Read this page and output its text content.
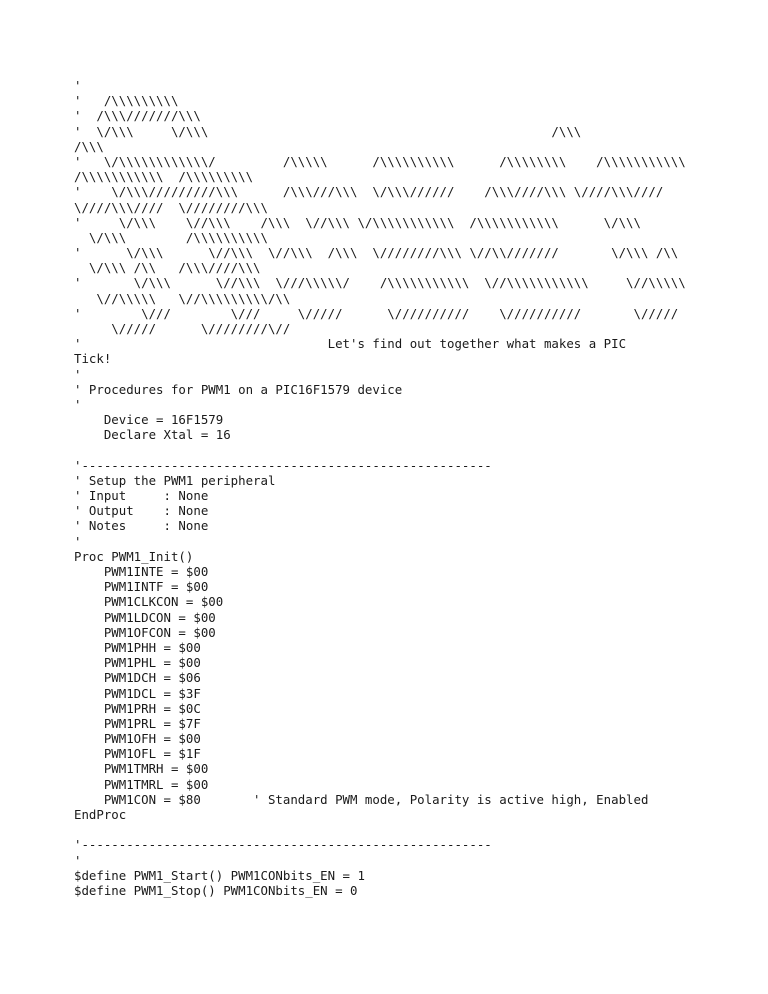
'
'   /\\\\\\\\\
'  /\\\///////\\\
'  \/\\\     \/\\\                                              /\\\
/\\\
'   \/\\\\\\\\\\\\/         /\\\\\      /\\\\\\\\\\      /\\\\\\\\    /\\\\\\\\\\\
/\\\\\\\\\\\  /\\\\\\\\\
'    \/\\\/////////\\\      /\\\///\\\  \/\\\//////    /\\\////\\\ \////\\\////
\////\\\////  \////////\\\
'     \/\\\    \//\\\    /\\\  \//\\\ \/\\\\\\\\\\\  /\\\\\\\\\\\      \/\\\
\/\\\        /\\\\\\\\\\
'      \/\\\      \//\\\  \//\\\  /\\\  \////////\\\ \//\\///////       \/\\\ /\\
\/\\\ /\\   /\\\////\\\
'       \/\\\      \//\\\  \///\\\\\/    /\\\\\\\\\\\  \//\\\\\\\\\\\     \//\\\\\
\//\\\\\   \//\\\\\\\\\/\\
'        \///        \///     \/////      \//////////    \//////////       \/////
\/////      \////////\//
'                                 Let's find out together what makes a PIC
Tick!
'
' Procedures for PWM1 on a PIC16F1579 device
'
Device = 16F1579
Declare Xtal = 16
'-------------------------------------------------------
' Setup the PWM1 peripheral
' Input     : None
' Output    : None
' Notes     : None
'
Proc PWM1_Init()
PWM1INTE = $00
PWM1INTF = $00
PWM1CLKCON = $00
PWM1LDCON = $00
PWM1OFCON = $00
PWM1PHH = $00
PWM1PHL = $00
PWM1DCH = $06
PWM1DCL = $3F
PWM1PRH = $0C
PWM1PRL = $7F
PWM1OFH = $00
PWM1OFL = $1F
PWM1TMRH = $00
PWM1TMRL = $00
PWM1CON = $80       ' Standard PWM mode, Polarity is active high, Enabled
EndProc
'-------------------------------------------------------
'
$define PWM1_Start() PWM1CONbits_EN = 1
$define PWM1_Stop() PWM1CONbits_EN = 0
